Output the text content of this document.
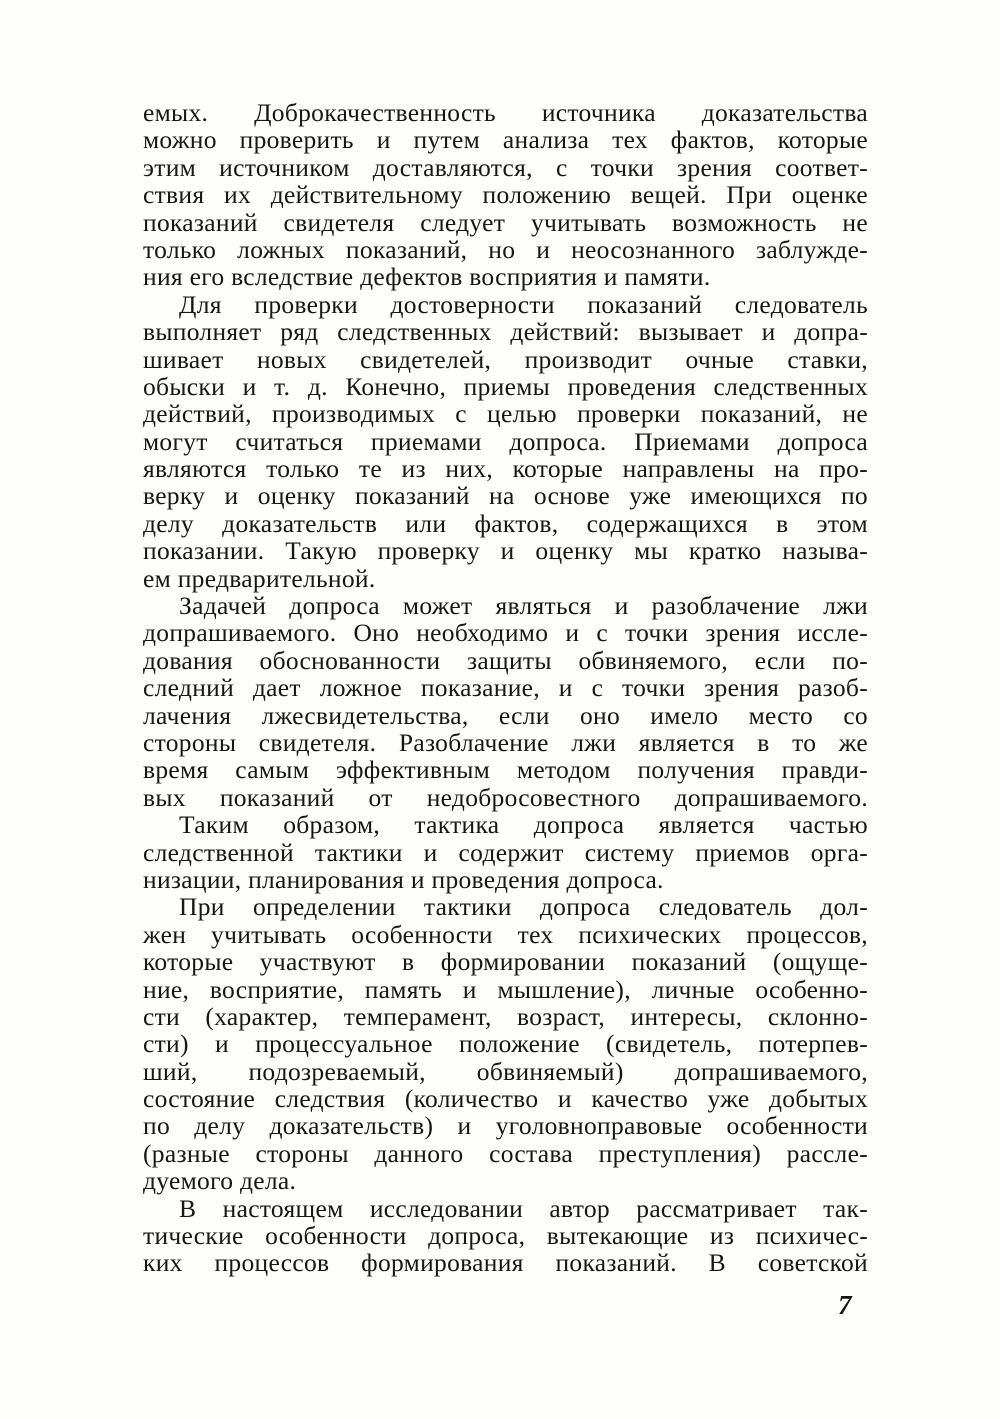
емых. Доброкачественность источника доказательства
можно проверить и путем анализа тех фактов, которые
этим источником доставляются, с точки зрения соответ-
ствия их действительному положению вещей. При оценке
показаний свидетеля следует учитывать возможность не
только ложных показаний, но и неосознанного заблужде-
ния его вследствие дефектов восприятия и памяти.
Для проверки достоверности показаний следователь
выполняет ряд следственных действий: вызывает и допра-
шивает новых свидетелей, производит очные ставки,
обыски и т. д. Конечно, приемы проведения следственных
действий, производимых с целью проверки показаний, не
могут считаться приемами допроса. Приемами допроса
являются только те из них, которые направлены на про-
верку и оценку показаний на основе уже имеющихся по
делу доказательств или фактов, содержащихся в этом
показании. Такую проверку и оценку мы кратко называ-
ем предварительной.
Задачей допроса может являться и разоблачение лжи
допрашиваемого. Оно необходимо и с точки зрения иссле-
дования обоснованности защиты обвиняемого, если по-
следний дает ложное показание, и с точки зрения разоб-
лачения лжесвидетельства, если оно имело место со
стороны свидетеля. Разоблачение лжи является в то же
время самым эффективным методом получения правди-
вых показаний от недобросовестного допрашиваемого.
Таким образом, тактика допроса является частью
следственной тактики и содержит систему приемов орга-
низации, планирования и проведения допроса.
При определении тактики допроса следователь дол-
жен учитывать особенности тех психических процессов,
которые участвуют в формировании показаний (ощуще-
ние, восприятие, память и мышление), личные особенно-
сти (характер, темперамент, возраст, интересы, склонно-
сти) и процессуальное положение (свидетель, потерпев-
ший, подозреваемый, обвиняемый) допрашиваемого,
состояние следствия (количество и качество уже добытых
по делу доказательств) и уголовноправовые особенности
(разные стороны данного состава преступления) рассле-
дуемого дела.
В настоящем исследовании автор рассматривает так-
тические особенности допроса, вытекающие из психичес-
ких процессов формирования показаний. В советской
7
